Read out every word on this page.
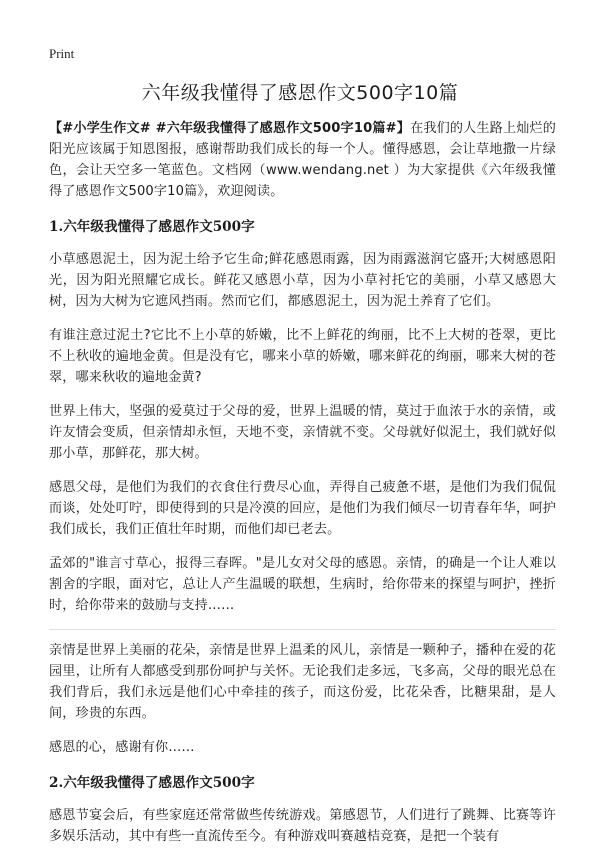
Print
六年级我懂得了感恩作文500字10篇

【#小学生作文# #六年级我懂得了感恩作文500字10篇#】在我们的人生路上灿烂的阳光应该属于知恩图报，感谢帮助我们成长的每一个人。懂得感恩，会让草地撒一片绿色，会让天空多一笔蓝色。文档网（www.wendang.net ）为大家提供《六年级我懂得了感恩作文500字10篇》，欢迎阅读。

1.六年级我懂得了感恩作文500字

小草感恩泥土，因为泥土给予它生命;鲜花感恩雨露，因为雨露滋润它盛开;大树感恩阳光，因为阳光照耀它成长。鲜花又感恩小草，因为小草衬托它的美丽，小草又感恩大树，因为大树为它遮风挡雨。然而它们，都感恩泥土，因为泥土养育了它们。

有谁注意过泥土?它比不上小草的娇嫩，比不上鲜花的绚丽，比不上大树的苍翠，更比不上秋收的遍地金黄。但是没有它，哪来小草的娇嫩，哪来鲜花的绚丽，哪来大树的苍翠，哪来秋收的遍地金黄?

世界上伟大，坚强的爱莫过于父母的爱，世界上温暖的情，莫过于血浓于水的亲情，或许友情会变质，但亲情却永恒，天地不变，亲情就不变。父母就好似泥土，我们就好似那小草，那鲜花，那大树。

感恩父母，是他们为我们的衣食住行费尽心血，弄得自己疲惫不堪，是他们为我们侃侃而谈，处处叮咛，即使得到的只是冷漠的回应，是他们为我们倾尽一切青春年华，呵护我们成长，我们正值壮年时期，而他们却已老去。

孟郊的"谁言寸草心，报得三春晖。"是儿女对父母的感恩。亲情，的确是一个让人难以割舍的字眼，面对它，总让人产生温暖的联想，生病时，给你带来的探望与呵护，挫折时，给你带来的鼓励与支持……

亲情是世界上美丽的花朵，亲情是世界上温柔的风儿，亲情是一颗种子，播种在爱的花园里，让所有人都感受到那份呵护与关怀。无论我们走多远，飞多高，父母的眼光总在我们背后，我们永远是他们心中牵挂的孩子，而这份爱，比花朵香，比糖果甜，是人间，珍贵的东西。

感恩的心，感谢有你……

2.六年级我懂得了感恩作文500字

感恩节宴会后，有些家庭还常常做些传统游戏。第感恩节，人们进行了跳舞、比赛等许多娱乐活动，其中有些一直流传至今。有种游戏叫赛越桔竞赛，是把一个装有
